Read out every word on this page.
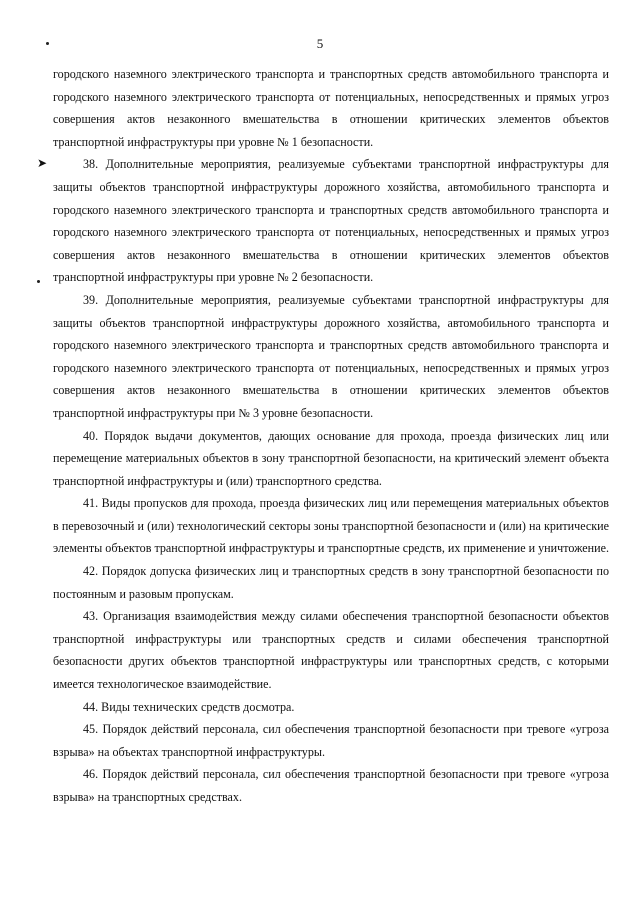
➤
5

городского наземного электрического транспорта и транспортных средств автомобильного транспорта и городского наземного электрического транспорта от потенциальных, непосредственных и прямых угроз совершения актов незаконного вмешательства в отношении критических элементов объектов транспортной инфраструктуры при уровне № 1 безопасности.

38. Дополнительные мероприятия, реализуемые субъектами транспортной инфраструктуры для защиты объектов транспортной инфраструктуры дорожного хозяйства, автомобильного транспорта и городского наземного электрического транспорта и транспортных средств автомобильного транспорта и городского наземного электрического транспорта от потенциальных, непосредственных и прямых угроз совершения актов незаконного вмешательства в отношении критических элементов объектов транспортной инфраструктуры при уровне № 2 безопасности.

39. Дополнительные мероприятия, реализуемые субъектами транспортной инфраструктуры для защиты объектов транспортной инфраструктуры дорожного хозяйства, автомобильного транспорта и городского наземного электрического транспорта и транспортных средств автомобильного транспорта и городского наземного электрического транспорта от потенциальных, непосредственных и прямых угроз совершения актов незаконного вмешательства в отношении критических элементов объектов транспортной инфраструктуры при № 3 уровне безопасности.

40. Порядок выдачи документов, дающих основание для прохода, проезда физических лиц или перемещение материальных объектов в зону транспортной безопасности, на критический элемент объекта транспортной инфраструктуры и (или) транспортного средства.

41. Виды пропусков для прохода, проезда физических лиц или перемещения материальных объектов в перевозочный и (или) технологический секторы зоны транспортной безопасности и (или) на критические элементы объектов транспортной инфраструктуры и транспортные средств, их применение и уничтожение.

42. Порядок допуска физических лиц и транспортных средств в зону транспортной безопасности по постоянным и разовым пропускам.

43. Организация взаимодействия между силами обеспечения транспортной безопасности объектов транспортной инфраструктуры или транспортных средств и силами обеспечения транспортной безопасности других объектов транспортной инфраструктуры или транспортных средств, с которыми имеется технологическое взаимодействие.

44. Виды технических средств досмотра.

45. Порядок действий персонала, сил обеспечения транспортной безопасности при тревоге «угроза взрыва» на объектах транспортной инфраструктуры.

46. Порядок действий персонала, сил обеспечения транспортной безопасности при тревоге «угроза взрыва» на транспортных средствах.
